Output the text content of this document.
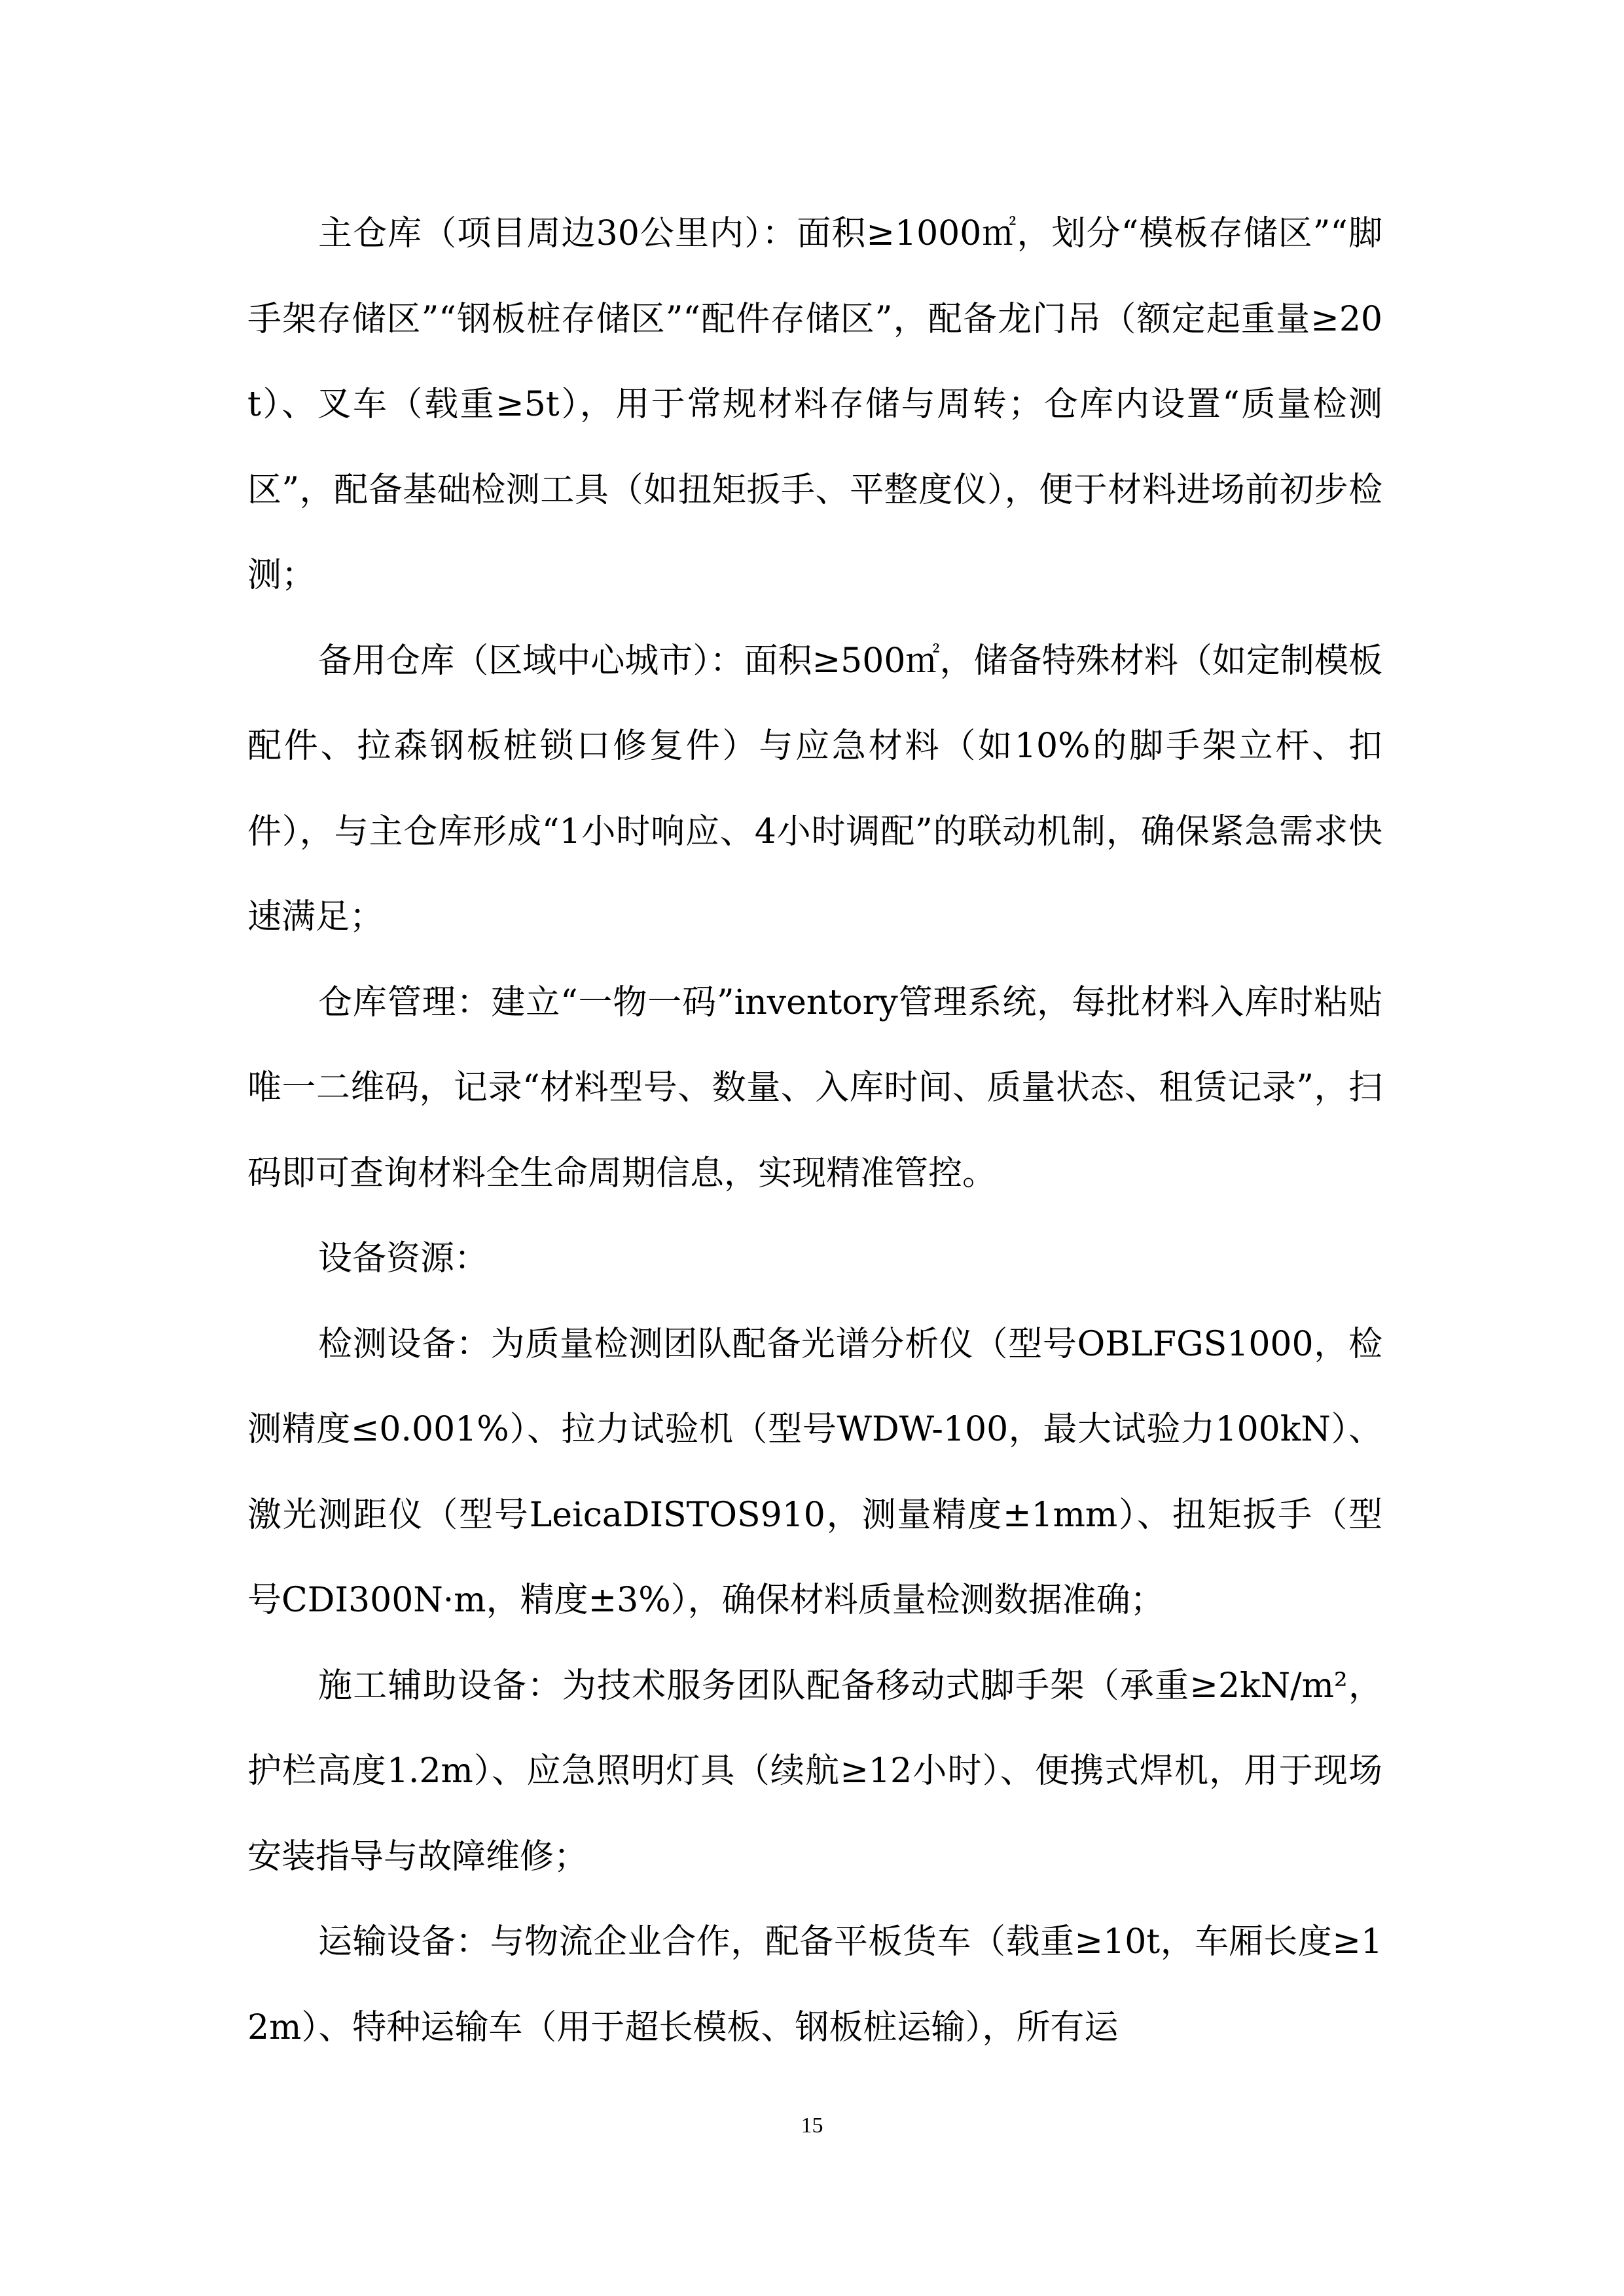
主仓库（项目周边30公里内）：面积≥1000㎡，划分“模板存储区”“脚手架存储区”“钢板桩存储区”“配件存储区”，配备龙门吊（额定起重量≥20t）、叉车（载重≥5t），用于常规材料存储与周转；仓库内设置“质量检测区”，配备基础检测工具（如扭矩扳手、平整度仪），便于材料进场前初步检测；

备用仓库（区域中心城市）：面积≥500㎡，储备特殊材料（如定制模板配件、拉森钢板桩锁口修复件）与应急材料（如10%的脚手架立杆、扣件），与主仓库形成“1小时响应、4小时调配”的联动机制，确保紧急需求快速满足；

仓库管理：建立“一物一码”inventory管理系统，每批材料入库时粘贴唯一二维码，记录“材料型号、数量、入库时间、质量状态、租赁记录”，扫码即可查询材料全生命周期信息，实现精准管控。

设备资源：

检测设备：为质量检测团队配备光谱分析仪（型号OBLFGS1000，检测精度≤0.001%）、拉力试验机（型号WDW-100，最大试验力100kN）、激光测距仪（型号LeicaDISTOS910，测量精度±1mm）、扭矩扳手（型号CDI300N·m，精度±3%），确保材料质量检测数据准确；

施工辅助设备：为技术服务团队配备移动式脚手架（承重≥2kN/m²，护栏高度1.2m）、应急照明灯具（续航≥12小时）、便携式焊机，用于现场安装指导与故障维修；

运输设备：与物流企业合作，配备平板货车（载重≥10t，车厢长度≥12m）、特种运输车（用于超长模板、钢板桩运输），所有运

15
